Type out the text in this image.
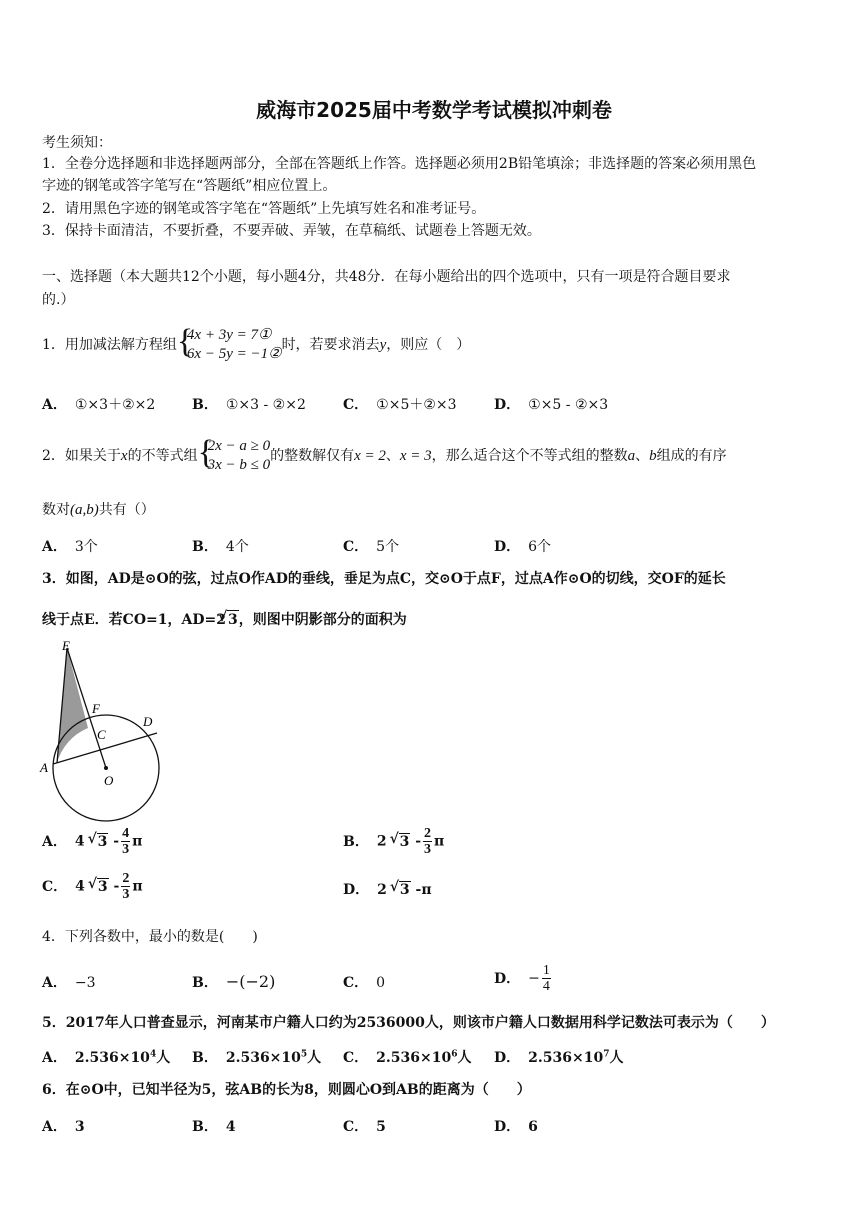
威海市2025届中考数学考试模拟冲刺卷
考生须知：
1．全卷分选择题和非选择题两部分，全部在答题纸上作答。选择题必须用2B铅笔填涂；非选择题的答案必须用黑色
字迹的钢笔或答字笔写在“答题纸”相应位置上。
2．请用黑色字迹的钢笔或答字笔在“答题纸”上先填写姓名和准考证号。
3．保持卡面清洁，不要折叠，不要弄破、弄皱，在草稿纸、试题卷上答题无效。
一、选择题（本大题共12个小题，每小题4分，共48分．在每小题给出的四个选项中，只有一项是符合题目要求
的.）
1．用加减法解方程组 {
4x + 3y = 7①
6x − 5y = −1②
时，若要求消去y，则应（　）
A． ①×3＋②×2	B． ①×3 - ②×2	C． ①×5＋②×3	D． ①×5 - ②×3
2．如果关于x的不等式组 {
2x − a ≥ 0
3x − b ≤ 0
的整数解仅有x = 2、x = 3，那么适合这个不等式组的整数a、b组成的有序
数对(a,b)共有（）
A． 3个	B． 4个	C． 5个	D． 6个
3．如图，AD是⊙O的弦，过点O作AD的垂线，垂足为点C，交⊙O于点F，过点A作⊙O的切线，交OF的延长
线于点E．若CO=1，AD=2 √ 3，则图中阴影部分的面积为
E
F
D
C
A
O
A． 4 √ $3 - \frac{4}{3}$ π	B． 2 √ $3 - \frac{2}{3}$ π
C． 4 √ $3 - \frac{2}{3}$ π	D． 2 √ 3 -π
4．下列各数中，最小的数是(　　)
A． −3	B． −(−2)	C． 0	D． − $\frac{1}{4}$
5．2017年人口普查显示，河南某市户籍人口约为2536000人，则该市户籍人口数据用科学记数法可表示为（　　）
A． $2.536\times 10^4$人 B． $2.536\times 10^5$人 C． $2.536\times 10^6$人 D． $2.536\times 10^7$人
6．在⊙O中，已知半径为5，弦AB的长为8，则圆心O到AB的距离为（　　）
A． 3	B． 4	C． 5	D． 6
